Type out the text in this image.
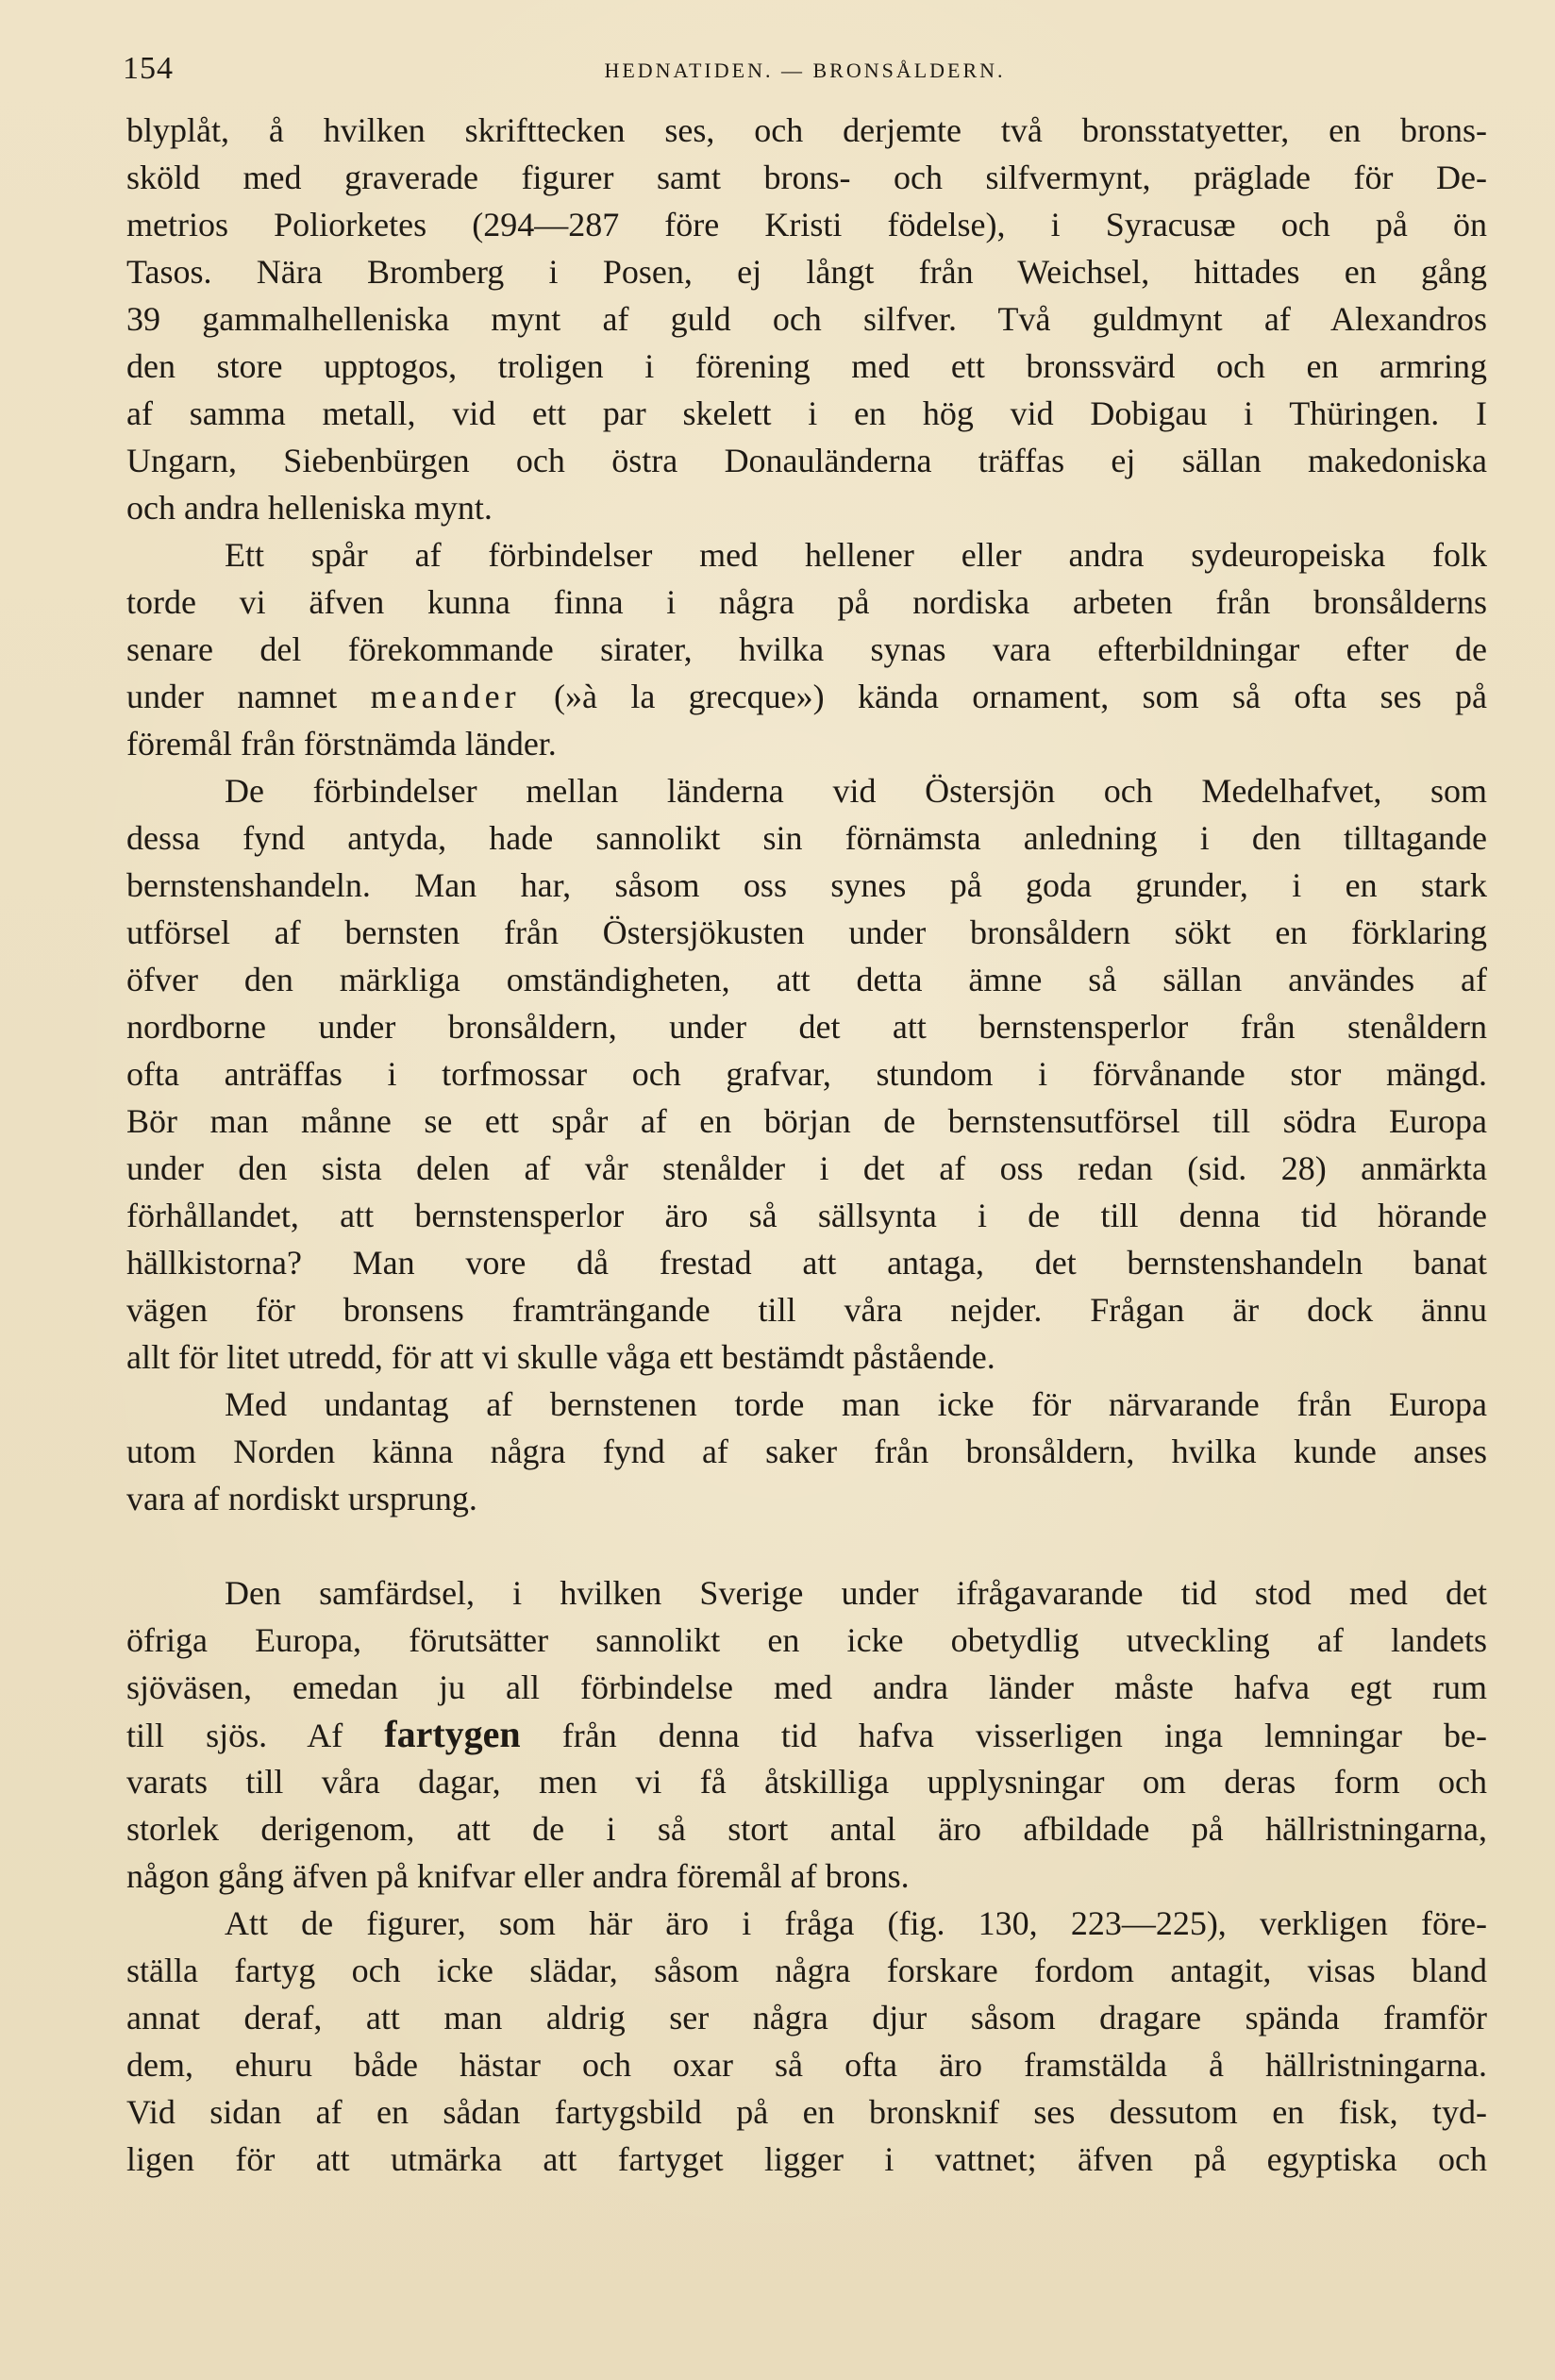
154	HEDNATIDEN. — BRONSÅLDERN.
blyplåt, å hvilken skrifttecken ses, och derjemte två bronsstatyetter, en brons-
sköld med graverade figurer samt brons- och silfvermynt, präglade för De-
metrios Poliorketes (294—287 före Kristi födelse), i Syracusæ och på ön
Tasos. Nära Bromberg i Posen, ej långt från Weichsel, hittades en gång
39 gammalhelleniska mynt af guld och silfver. Två guldmynt af Alexandros
den store upptogos, troligen i förening med ett bronssvärd och en armring
af samma metall, vid ett par skelett i en hög vid Dobigau i Thüringen. I
Ungarn, Siebenbürgen och östra Donauländerna träffas ej sällan makedoniska
och andra helleniska mynt.
Ett spår af förbindelser med hellener eller andra sydeuropeiska folk
torde vi äfven kunna finna i några på nordiska arbeten från bronsålderns
senare del förekommande sirater, hvilka synas vara efterbildningar efter de
under namnet meander (»à la grecque») kända ornament, som så ofta ses på
föremål från förstnämda länder.
De förbindelser mellan länderna vid Östersjön och Medelhafvet, som
dessa fynd antyda, hade sannolikt sin förnämsta anledning i den tilltagande
bernstenshandeln. Man har, såsom oss synes på goda grunder, i en stark
utförsel af bernsten från Östersjökusten under bronsåldern sökt en förklaring
öfver den märkliga omständigheten, att detta ämne så sällan användes af
nordborne under bronsåldern, under det att bernstensperlor från stenåldern
ofta anträffas i torfmossar och grafvar, stundom i förvånande stor mängd.
Bör man månne se ett spår af en början de bernstensutförsel till södra Europa
under den sista delen af vår stenålder i det af oss redan (sid. 28) anmärkta
förhållandet, att bernstensperlor äro så sällsynta i de till denna tid hörande
hällkistorna? Man vore då frestad att antaga, det bernstenshandeln banat
vägen för bronsens framträngande till våra nejder. Frågan är dock ännu
allt för litet utredd, för att vi skulle våga ett bestämdt påstående.
Med undantag af bernstenen torde man icke för närvarande från Europa
utom Norden känna några fynd af saker från bronsåldern, hvilka kunde anses
vara af nordiskt ursprung.
Den samfärdsel, i hvilken Sverige under ifrågavarande tid stod med det
öfriga Europa, förutsätter sannolikt en icke obetydlig utveckling af landets
sjöväsen, emedan ju all förbindelse med andra länder måste hafva egt rum
till sjös. Af fartygen från denna tid hafva visserligen inga lemningar be-
varats till våra dagar, men vi få åtskilliga upplysningar om deras form och
storlek derigenom, att de i så stort antal äro afbildade på hällristningarna,
någon gång äfven på knifvar eller andra föremål af brons.
Att de figurer, som här äro i fråga (fig. 130, 223—225), verkligen före-
ställa fartyg och icke slädar, såsom några forskare fordom antagit, visas bland
annat deraf, att man aldrig ser några djur såsom dragare spända framför
dem, ehuru både hästar och oxar så ofta äro framstälda å hällristningarna.
Vid sidan af en sådan fartygsbild på en bronsknif ses dessutom en fisk, tyd-
ligen för att utmärka att fartyget ligger i vattnet; äfven på egyptiska och
